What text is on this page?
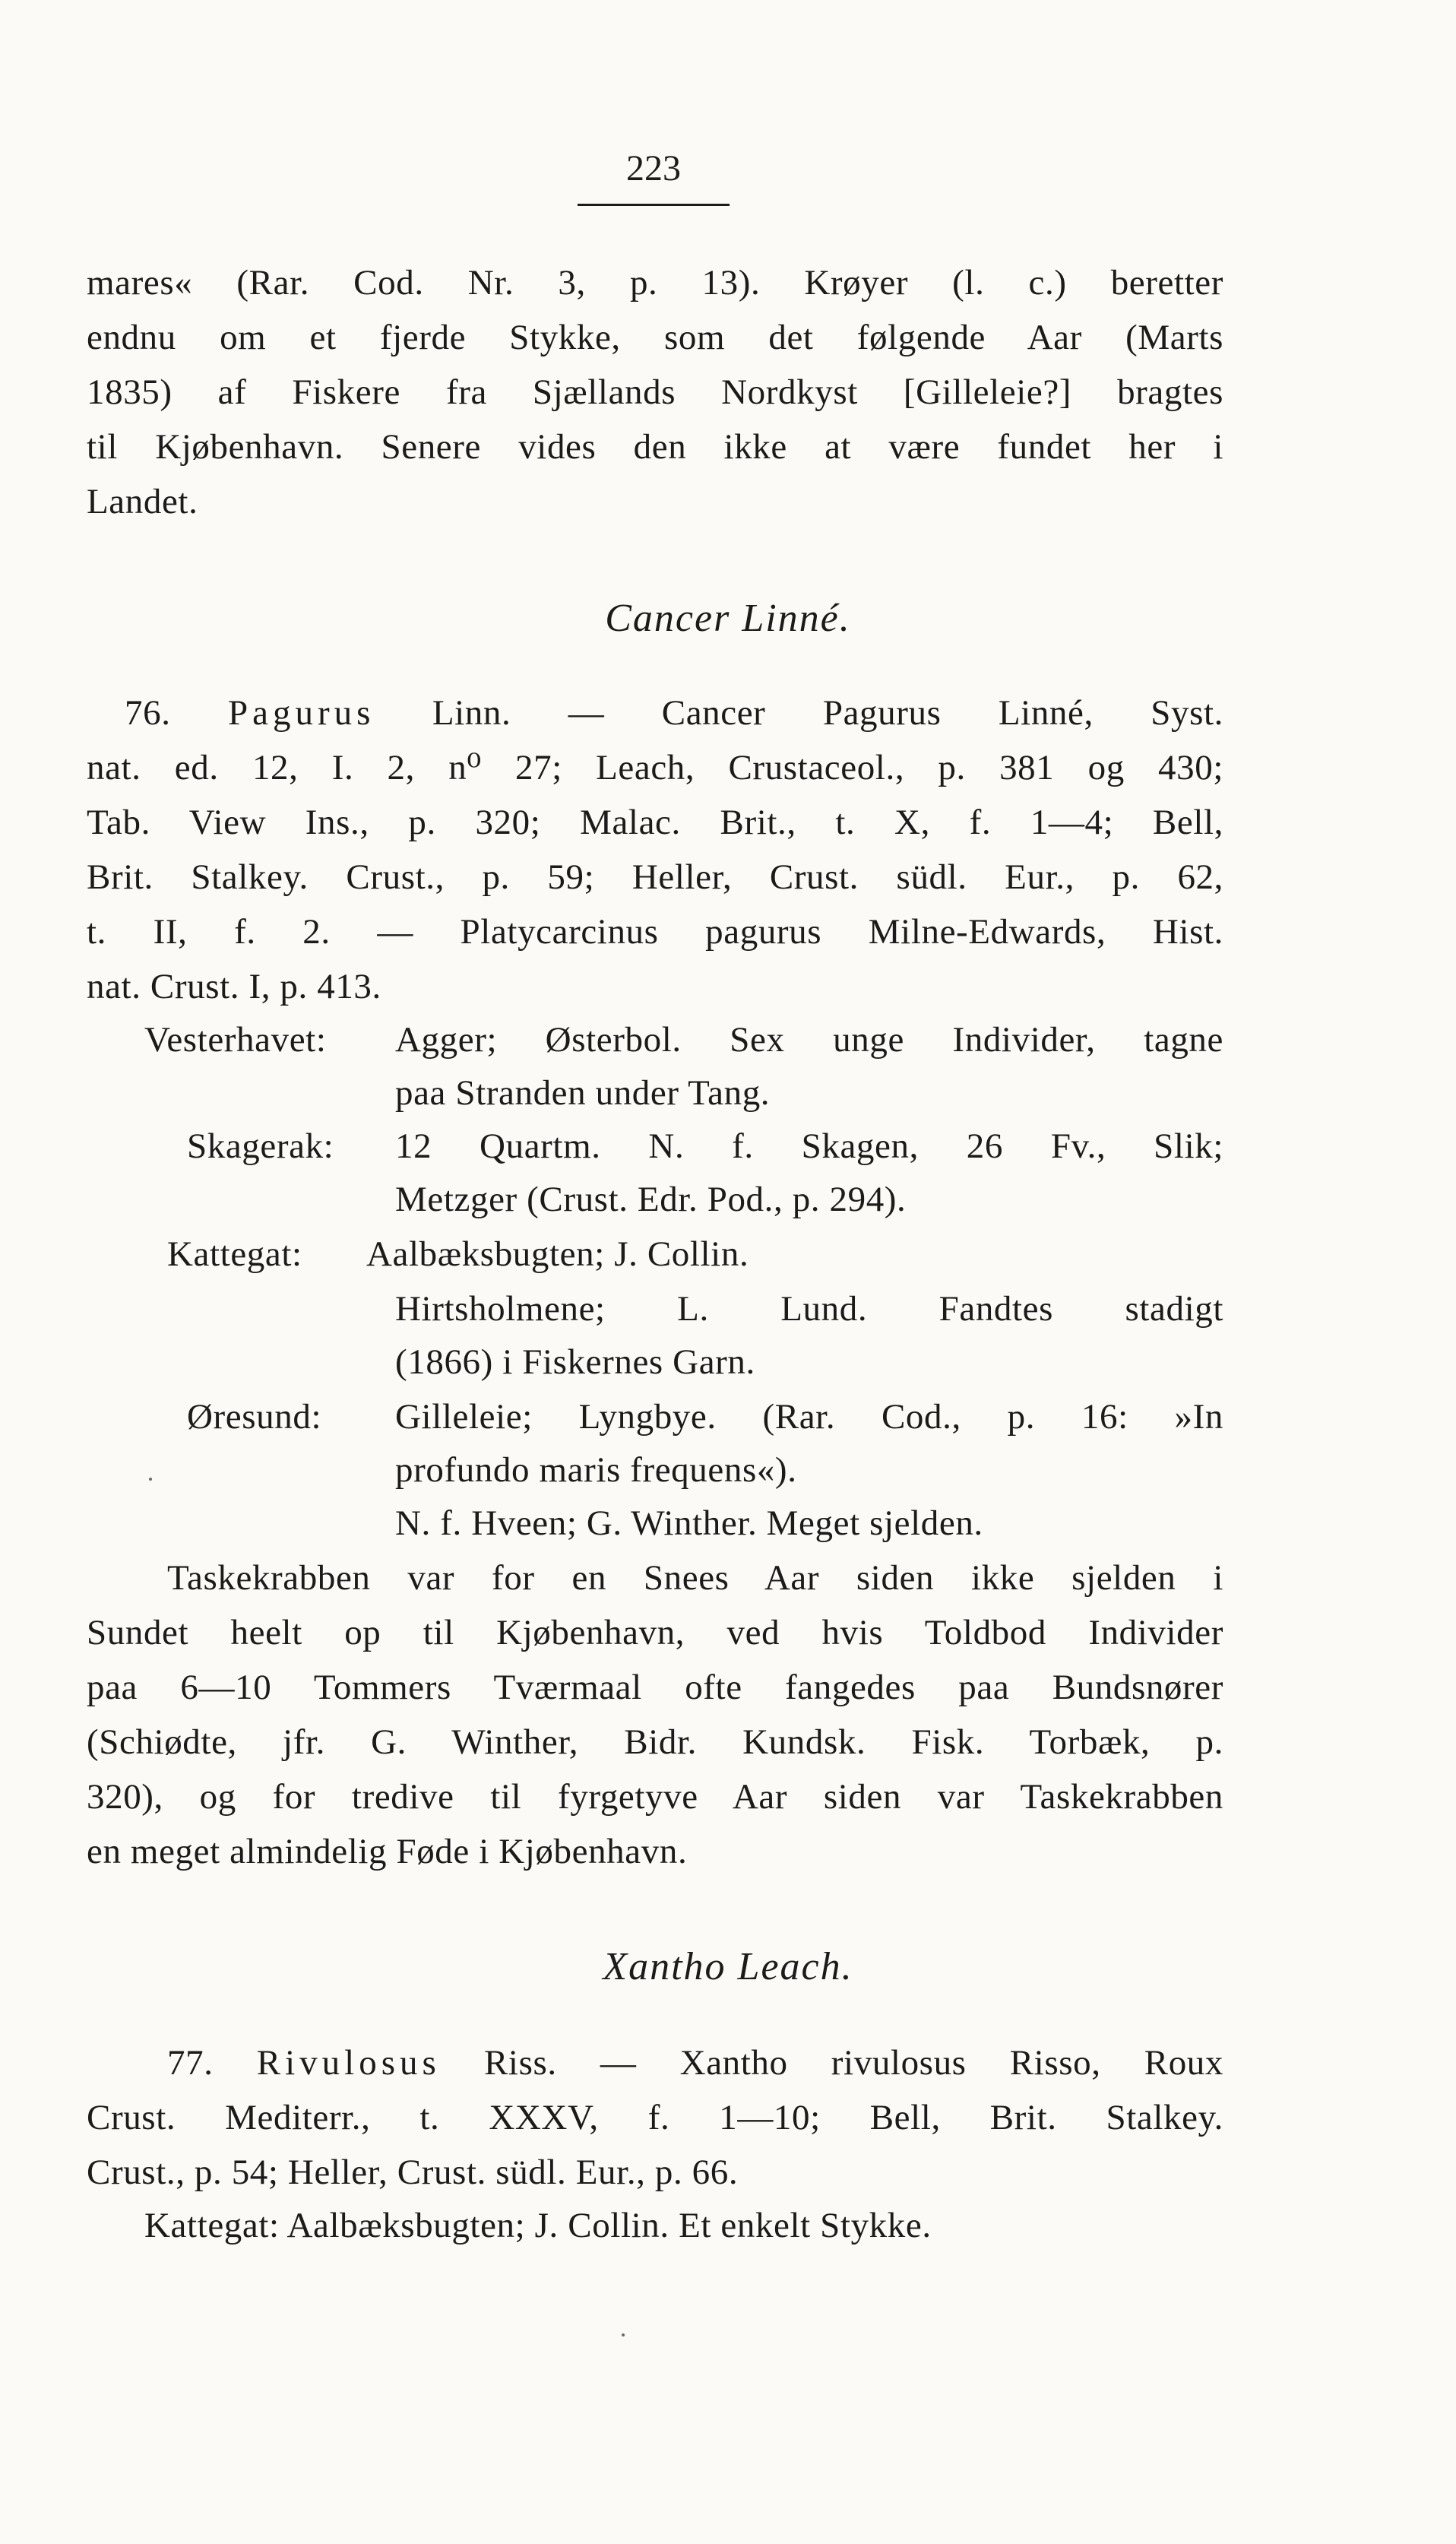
223
mares« (Rar. Cod. Nr. 3, p. 13). Krøyer (l. c.) beretter
endnu om et fjerde Stykke, som det følgende Aar (Marts
1835) af Fiskere fra Sjællands Nordkyst [Gilleleie?] bragtes
til Kjøbenhavn. Senere vides den ikke at være fundet her i
Landet.
Cancer Linné.
76. Pagurus Linn. — Cancer Pagurus Linné, Syst.
nat. ed. 12, I. 2, n⁰ 27; Leach, Crustaceol., p. 381 og 430;
Tab. View Ins., p. 320; Malac. Brit., t. X, f. 1—4; Bell,
Brit. Stalkey. Crust., p. 59; Heller, Crust. südl. Eur., p. 62,
t. II, f. 2. — Platycarcinus pagurus Milne-Edwards, Hist.
nat. Crust. I, p. 413.
Vesterhavet:	Agger; Østerbol. Sex unge Individer, tagne
paa Stranden under Tang.
Skagerak:	12 Quartm. N. f. Skagen, 26 Fv., Slik;
Metzger (Crust. Edr. Pod., p. 294).
Kattegat:	Aalbæksbugten; J. Collin.
Hirtsholmene; L. Lund. Fandtes stadigt
(1866) i Fiskernes Garn.
Øresund:	Gilleleie; Lyngbye. (Rar. Cod., p. 16: »In
profundo maris frequens«).
N. f. Hveen; G. Winther. Meget sjelden.
Taskekrabben var for en Snees Aar siden ikke sjelden i
Sundet heelt op til Kjøbenhavn, ved hvis Toldbod Individer
paa 6—10 Tommers Tværmaal ofte fangedes paa Bundsnører
(Schiødte, jfr. G. Winther, Bidr. Kundsk. Fisk. Torbæk, p.
320), og for tredive til fyrgetyve Aar siden var Taskekrabben
en meget almindelig Føde i Kjøbenhavn.
Xantho Leach.
77. Rivulosus Riss. — Xantho rivulosus Risso, Roux
Crust. Mediterr., t. XXXV, f. 1—10; Bell, Brit. Stalkey.
Crust., p. 54; Heller, Crust. südl. Eur., p. 66.
Kattegat: Aalbæksbugten; J. Collin. Et enkelt Stykke.
